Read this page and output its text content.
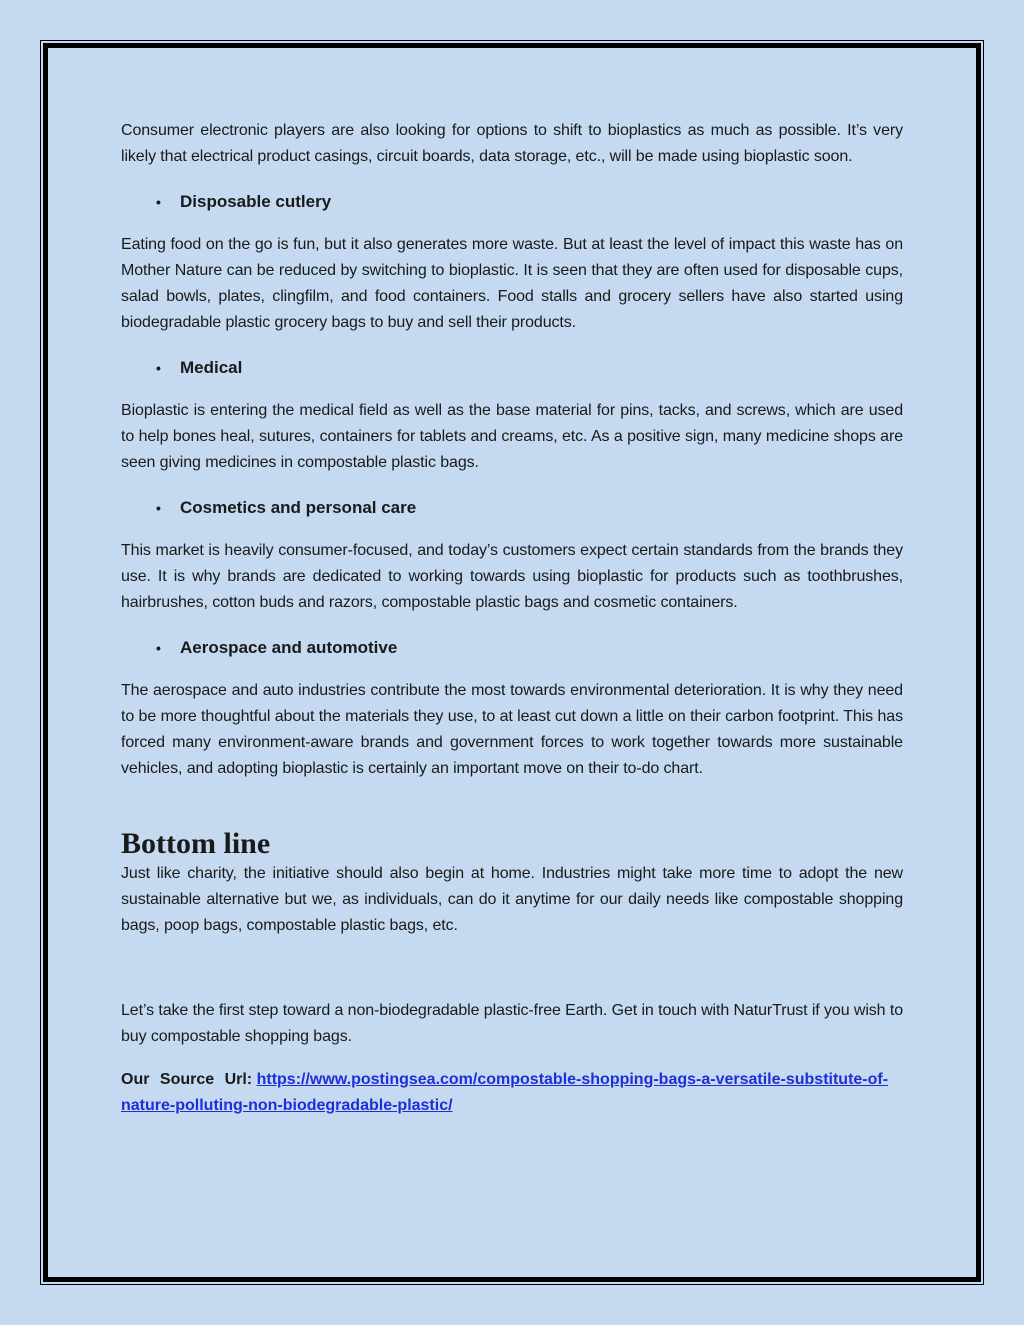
Consumer electronic players are also looking for options to shift to bioplastics as much as possible. It’s very likely that electrical product casings, circuit boards, data storage, etc., will be made using bioplastic soon.

• Disposable cutlery

Eating food on the go is fun, but it also generates more waste. But at least the level of impact this waste has on Mother Nature can be reduced by switching to bioplastic. It is seen that they are often used for disposable cups, salad bowls, plates, clingfilm, and food containers. Food stalls and grocery sellers have also started using biodegradable plastic grocery bags to buy and sell their products.

• Medical

Bioplastic is entering the medical field as well as the base material for pins, tacks, and screws, which are used to help bones heal, sutures, containers for tablets and creams, etc. As a positive sign, many medicine shops are seen giving medicines in compostable plastic bags.

• Cosmetics and personal care

This market is heavily consumer-focused, and today’s customers expect certain standards from the brands they use. It is why brands are dedicated to working towards using bioplastic for products such as toothbrushes, hairbrushes, cotton buds and razors, compostable plastic bags and cosmetic containers.

• Aerospace and automotive

The aerospace and auto industries contribute the most towards environmental deterioration. It is why they need to be more thoughtful about the materials they use, to at least cut down a little on their carbon footprint. This has forced many environment-aware brands and government forces to work together towards more sustainable vehicles, and adopting bioplastic is certainly an important move on their to-do chart.

Bottom line

Just like charity, the initiative should also begin at home. Industries might take more time to adopt the new sustainable alternative but we, as individuals, can do it anytime for our daily needs like compostable shopping bags, poop bags, compostable plastic bags, etc.

Let’s take the first step toward a non-biodegradable plastic-free Earth. Get in touch with NaturTrust if you wish to buy compostable shopping bags.

Our Source Url: https://www.postingsea.com/compostable-shopping-bags-a-versatile-substitute-of-nature-polluting-non-biodegradable-plastic/
